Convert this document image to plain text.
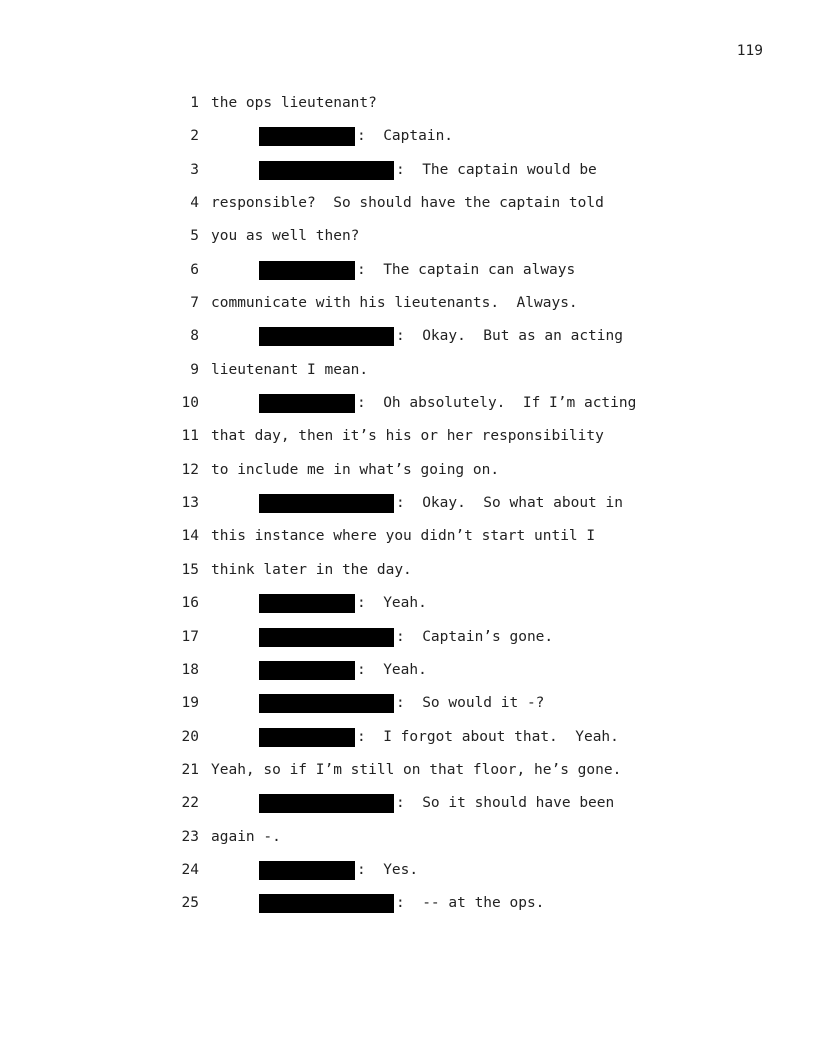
119

1

the ops lieutenant?

2

	:  Captain.

3

	:  The captain would be

4

responsible?  So should have the captain told

5

you as well then?

6

	:  The captain can always

7

communicate with his lieutenants.  Always.

8

	:  Okay.  But as an acting

9

lieutenant I mean.

10

	:  Oh absolutely.  If I’m acting

11

that day, then it’s his or her responsibility

12

to include me in what’s going on.

13

	:  Okay.  So what about in

14

this instance where you didn’t start until I

15

think later in the day.

16

	:  Yeah.

17

	:  Captain’s gone.

18

	:  Yeah.

19

	:  So would it -?

20

	:  I forgot about that.  Yeah.

21

Yeah, so if I’m still on that floor, he’s gone.

22

	:  So it should have been

23

again -.

24

	:  Yes.

25

	:  -- at the ops.
